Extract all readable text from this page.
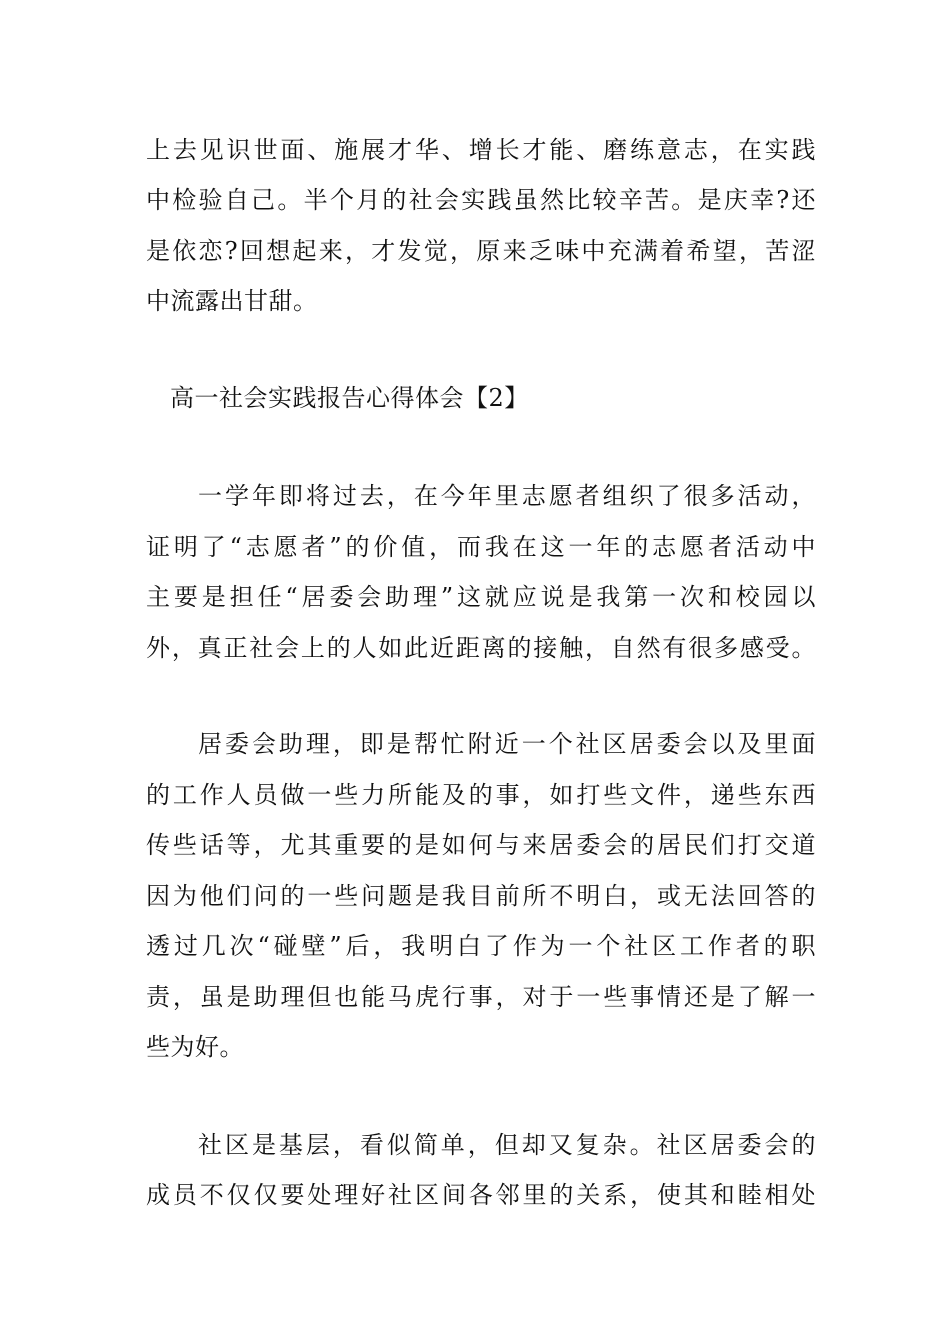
上去见识世面、施展才华、增长才能、磨练意志，在实践
中检验自己。半个月的社会实践虽然比较辛苦。是庆幸?还
是依恋?回想起来，才发觉，原来乏味中充满着希望，苦涩
中流露出甘甜。
高一社会实践报告心得体会【2】
一学年即将过去，在今年里志愿者组织了很多活动，
证明了“志愿者”的价值，而我在这一年的志愿者活动中
主要是担任“居委会助理”这就应说是我第一次和校园以
外，真正社会上的人如此近距离的接触，自然有很多感受。
居委会助理，即是帮忙附近一个社区居委会以及里面
的工作人员做一些力所能及的事，如打些文件，递些东西
传些话等，尤其重要的是如何与来居委会的居民们打交道
因为他们问的一些问题是我目前所不明白，或无法回答的
透过几次“碰壁”后，我明白了作为一个社区工作者的职
责，虽是助理但也能马虎行事，对于一些事情还是了解一
些为好。
社区是基层，看似简单，但却又复杂。社区居委会的
成员不仅仅要处理好社区间各邻里的关系，使其和睦相处
